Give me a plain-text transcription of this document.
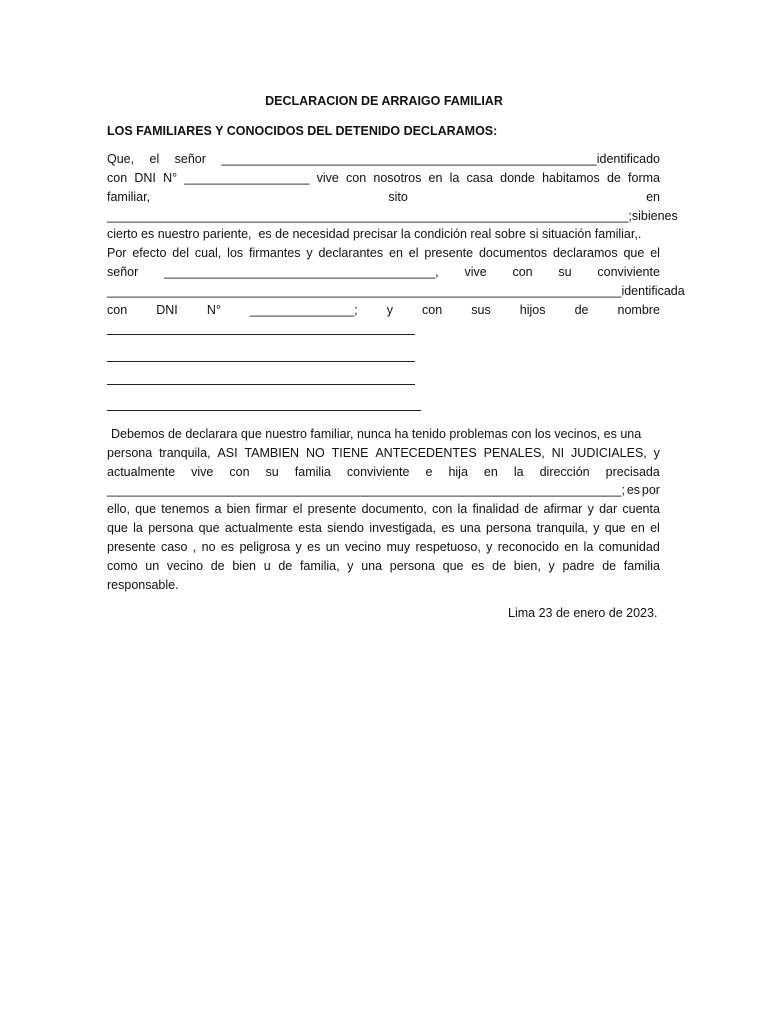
DECLARACION DE ARRAIGO FAMILIAR
LOS FAMILIARES Y CONOCIDOS DEL DETENIDO DECLARAMOS:
Que, el señor ______________________________________________________identificado
con DNI N° __________________ vive con nosotros en la casa donde habitamos de forma
familiar,	sito	en
___________________________________________________________________________; si bien es
cierto es nuestro pariente,  es de necesidad precisar la condición real sobre si situación familiar,.
Por efecto del cual, los firmantes y declarantes en el presente documentos declaramos que el
señor _______________________________________, vive con su conviviente
__________________________________________________________________________ identificada
con DNI N° _______________; y con sus hijos de nombre
Debemos de declarara que nuestro familiar, nunca ha tenido problemas con los vecinos, es una
persona tranquila, ASI TAMBIEN NO TIENE ANTECEDENTES PENALES, NI JUDICIALES, y
actualmente vive con su familia conviviente e hija en la dirección precisada
__________________________________________________________________________; es por
ello, que tenemos a bien firmar el presente documento, con la finalidad de afirmar y dar cuenta
que la persona que actualmente esta siendo investigada, es una persona tranquila, y que en el
presente caso , no es peligrosa y es un vecino muy respetuoso, y reconocido en la comunidad
como un vecino de bien u de familia, y una persona que es de bien, y padre de familia
responsable.
Lima 23 de enero de 2023.
